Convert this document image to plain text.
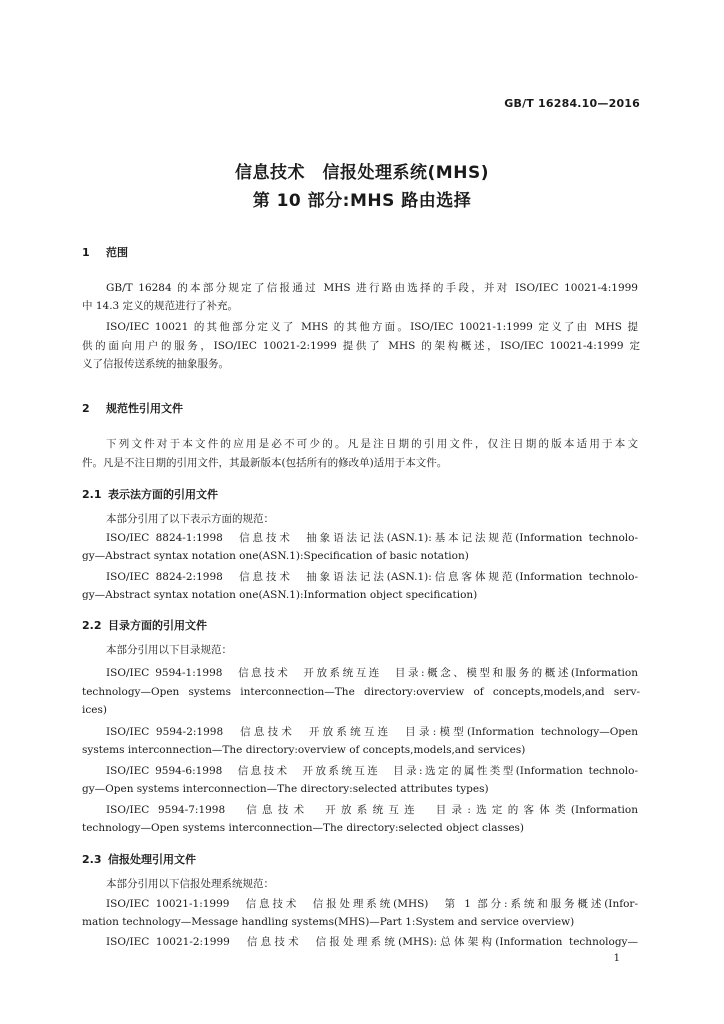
GB/T 16284.10—2016
信息技术　信报处理系统(MHS)
第 10 部分:MHS 路由选择
1 范围
GB/T 16284 的本部分规定了信报通过 MHS 进行路由选择的手段，并对 ISO/IEC 10021-4:1999
中 14.3 定义的规范进行了补充。
ISO/IEC 10021 的其他部分定义了 MHS 的其他方面。ISO/IEC 10021-1:1999 定义了由 MHS 提
供的面向用户的服务，ISO/IEC 10021-2:1999 提供了 MHS 的架构概述，ISO/IEC 10021-4:1999 定
义了信报传送系统的抽象服务。
2 规范性引用文件
下列文件对于本文件的应用是必不可少的。凡是注日期的引用文件，仅注日期的版本适用于本文
件。凡是不注日期的引用文件，其最新版本(包括所有的修改单)适用于本文件。
2.1 表示法方面的引用文件
本部分引用了以下表示方面的规范：
ISO/IEC 8824-1:1998　信息技术　抽象语法记法(ASN.1):基本记法规范(Information technolo-
gy—Abstract syntax notation one(ASN.1):Specification of basic notation)
ISO/IEC 8824-2:1998　信息技术　抽象语法记法(ASN.1):信息客体规范(Information technolo-
gy—Abstract syntax notation one(ASN.1):Information object specification)
2.2 目录方面的引用文件
本部分引用以下目录规范：
ISO/IEC 9594-1:1998　信息技术　开放系统互连　目录:概念、模型和服务的概述(Information
technology—Open systems interconnection—The directory:overview of concepts,models,and serv-
ices)
ISO/IEC 9594-2:1998　信息技术　开放系统互连　目录:模型(Information technology—Open
systems interconnection—The directory:overview of concepts,models,and services)
ISO/IEC 9594-6:1998　信息技术　开放系统互连　目录:选定的属性类型(Information technolo-
gy—Open systems interconnection—The directory:selected attributes types)
ISO/IEC 9594-7:1998　信息技术　开放系统互连　目录:选定的客体类(Information
technology—Open systems interconnection—The directory:selected object classes)
2.3 信报处理引用文件
本部分引用以下信报处理系统规范：
ISO/IEC 10021-1:1999　信息技术　信报处理系统(MHS)　第 1 部分:系统和服务概述(Infor-
mation technology—Message handling systems(MHS)—Part 1:System and service overview)
ISO/IEC 10021-2:1999　信息技术　信报处理系统(MHS):总体架构(Information technology—
1
